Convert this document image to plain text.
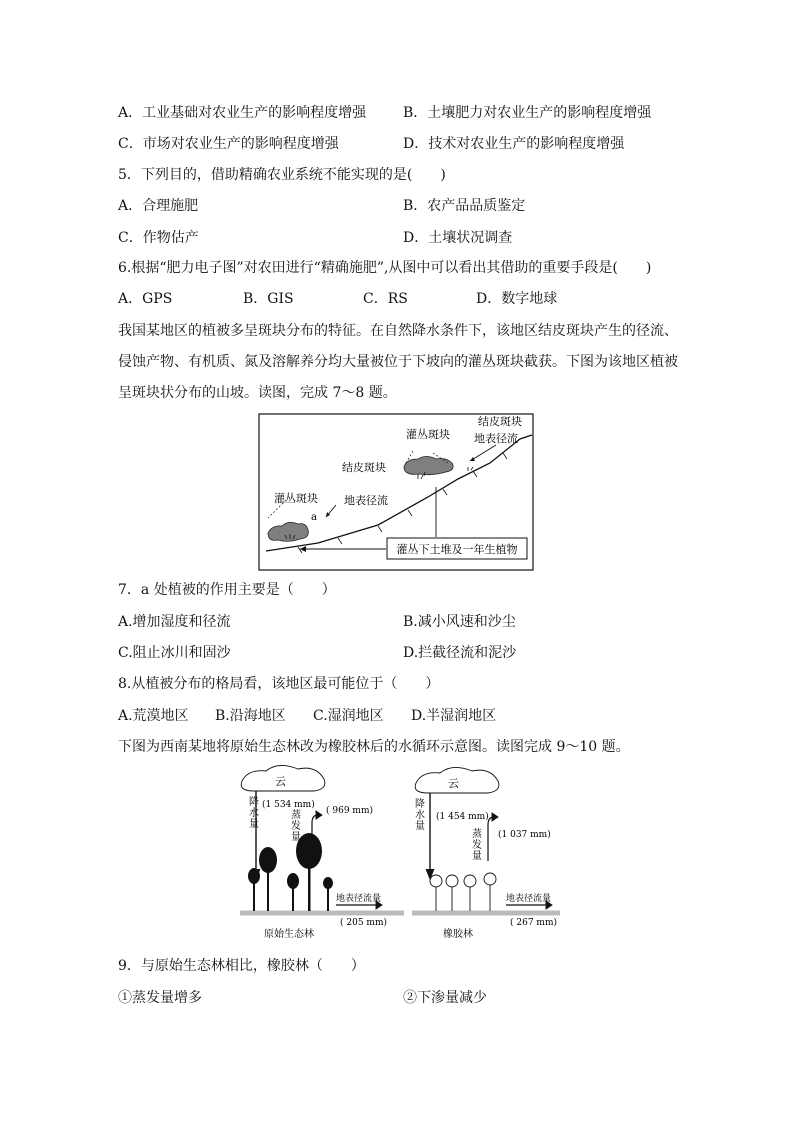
A．工业基础对农业生产的影响程度增强	B．土壤肥力对农业生产的影响程度增强
C．市场对农业生产的影响程度增强	D．技术对农业生产的影响程度增强
5．下列目的，借助精确农业系统不能实现的是(　　)
A．合理施肥	B．农产品品质鉴定
C．作物估产	D．土壤状况调查
6.根据“肥力电子图”对农田进行“精确施肥”,从图中可以看出其借助的重要手段是(　　)
A．GPS	B．GIS	C．RS	D．数字地球
我国某地区的植被多呈斑块分布的特征。在自然降水条件下，该地区结皮斑块产生的径流、
侵蚀产物、有机质、氮及溶解养分均大量被位于下坡向的灌丛斑块截获。下图为该地区植被
呈斑块状分布的山坡。读图，完成 7～8 题。
结皮斑块
灌丛斑块 地表径流
结皮斑块
灌丛斑块
a
地表径流
灌丛下土堆及一年生植物
7．a 处植被的作用主要是（　　）
A.增加湿度和径流	B.减小风速和沙尘
C.阻止冰川和固沙	D.拦截径流和泥沙
8.从植被分布的格局看，该地区最可能位于（　　）
A.荒漠地区 B.沿海地区 C.湿润地区 D.半湿润地区
下图为西南某地将原始生态林改为橡胶林后的水循环示意图。读图完成 9～10 题。
云
降
水
量
(1 534 mm)
蒸
发
量
( 969 mm)
地表径流量
( 205 mm)
原始生态林
云
降
水
量
(1 454 mm)
蒸
发
量
(1 037 mm)
地表径流量
( 267 mm)
橡胶林
9．与原始生态林相比，橡胶林（　　）
①蒸发量增多	②下渗量减少
